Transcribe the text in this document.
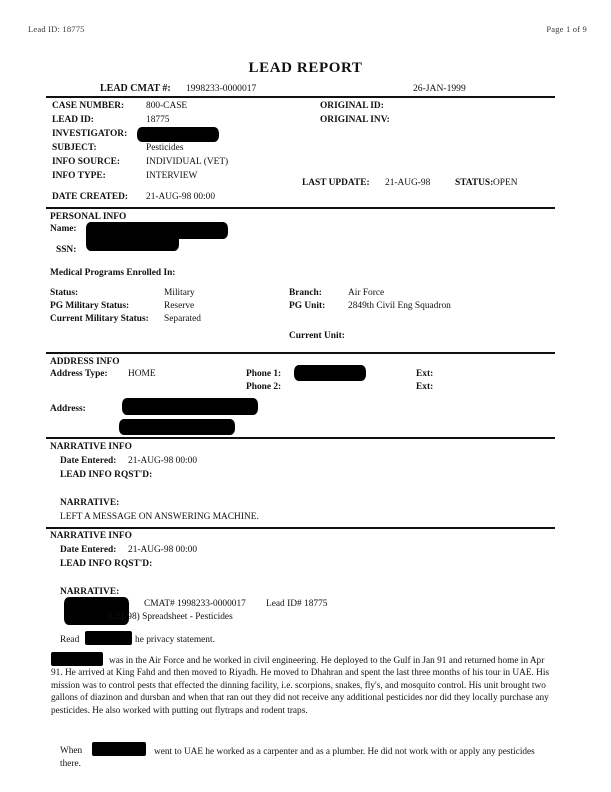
Lead ID: 18775	Page 1 of 9
LEAD REPORT
LEAD CMAT #: 1998233-0000017	26-JAN-1999
CASE NUMBER: 800-CASE	ORIGINAL ID:
LEAD ID:	18775	ORIGINAL INV:
INVESTIGATOR:
SUBJECT:	Pesticides
INFO SOURCE:	INDIVIDUAL (VET)
INFO TYPE:	INTERVIEW
LAST UPDATE: 21-AUG-98	STATUS: OPEN
DATE CREATED: 21-AUG-98 00:00
PERSONAL INFO
Name:
SSN:
Medical Programs Enrolled In:
Status:	Military	Branch:	Air Force
PG Military Status:	Reserve	PG Unit: 2849th Civil Eng Squadron
Current Military Status: Separated
Current Unit:
ADDRESS INFO
Address Type: HOME	Phone 1:	Ext:
Phone 2:	Ext:
Address:
NARRATIVE INFO
Date Entered: 21-AUG-98 00:00
LEAD INFO RQST'D:
NARRATIVE:
LEFT A MESSAGE ON ANSWERING MACHINE.
NARRATIVE INFO
Date Entered: 21-AUG-98 00:00
LEAD INFO RQST'D:
NARRATIVE:
CMAT# 1998233-0000017 Lead ID# 18775
8/21/98) Spreadsheet - Pesticides
Read	he privacy statement.
was in the Air Force and he worked in civil engineering. He deployed to the Gulf in Jan 91 and returned home in Apr 91. He arrived at King Fahd and then moved to Riyadh. He moved to Dhahran and spent the last three months of his tour in UAE. His mission was to control pests that effected the dinning facility, i.e. scorpions, snakes, fly's, and mosquito control. His unit brought two gallons of diazinon and dursban and when that ran out they did not receive any additional pesticides nor did they locally purchase any pesticides. He also worked with putting out flytraps and rodent traps.
When	went to UAE he worked as a carpenter and as a plumber. He did not work with or apply any pesticides there.
